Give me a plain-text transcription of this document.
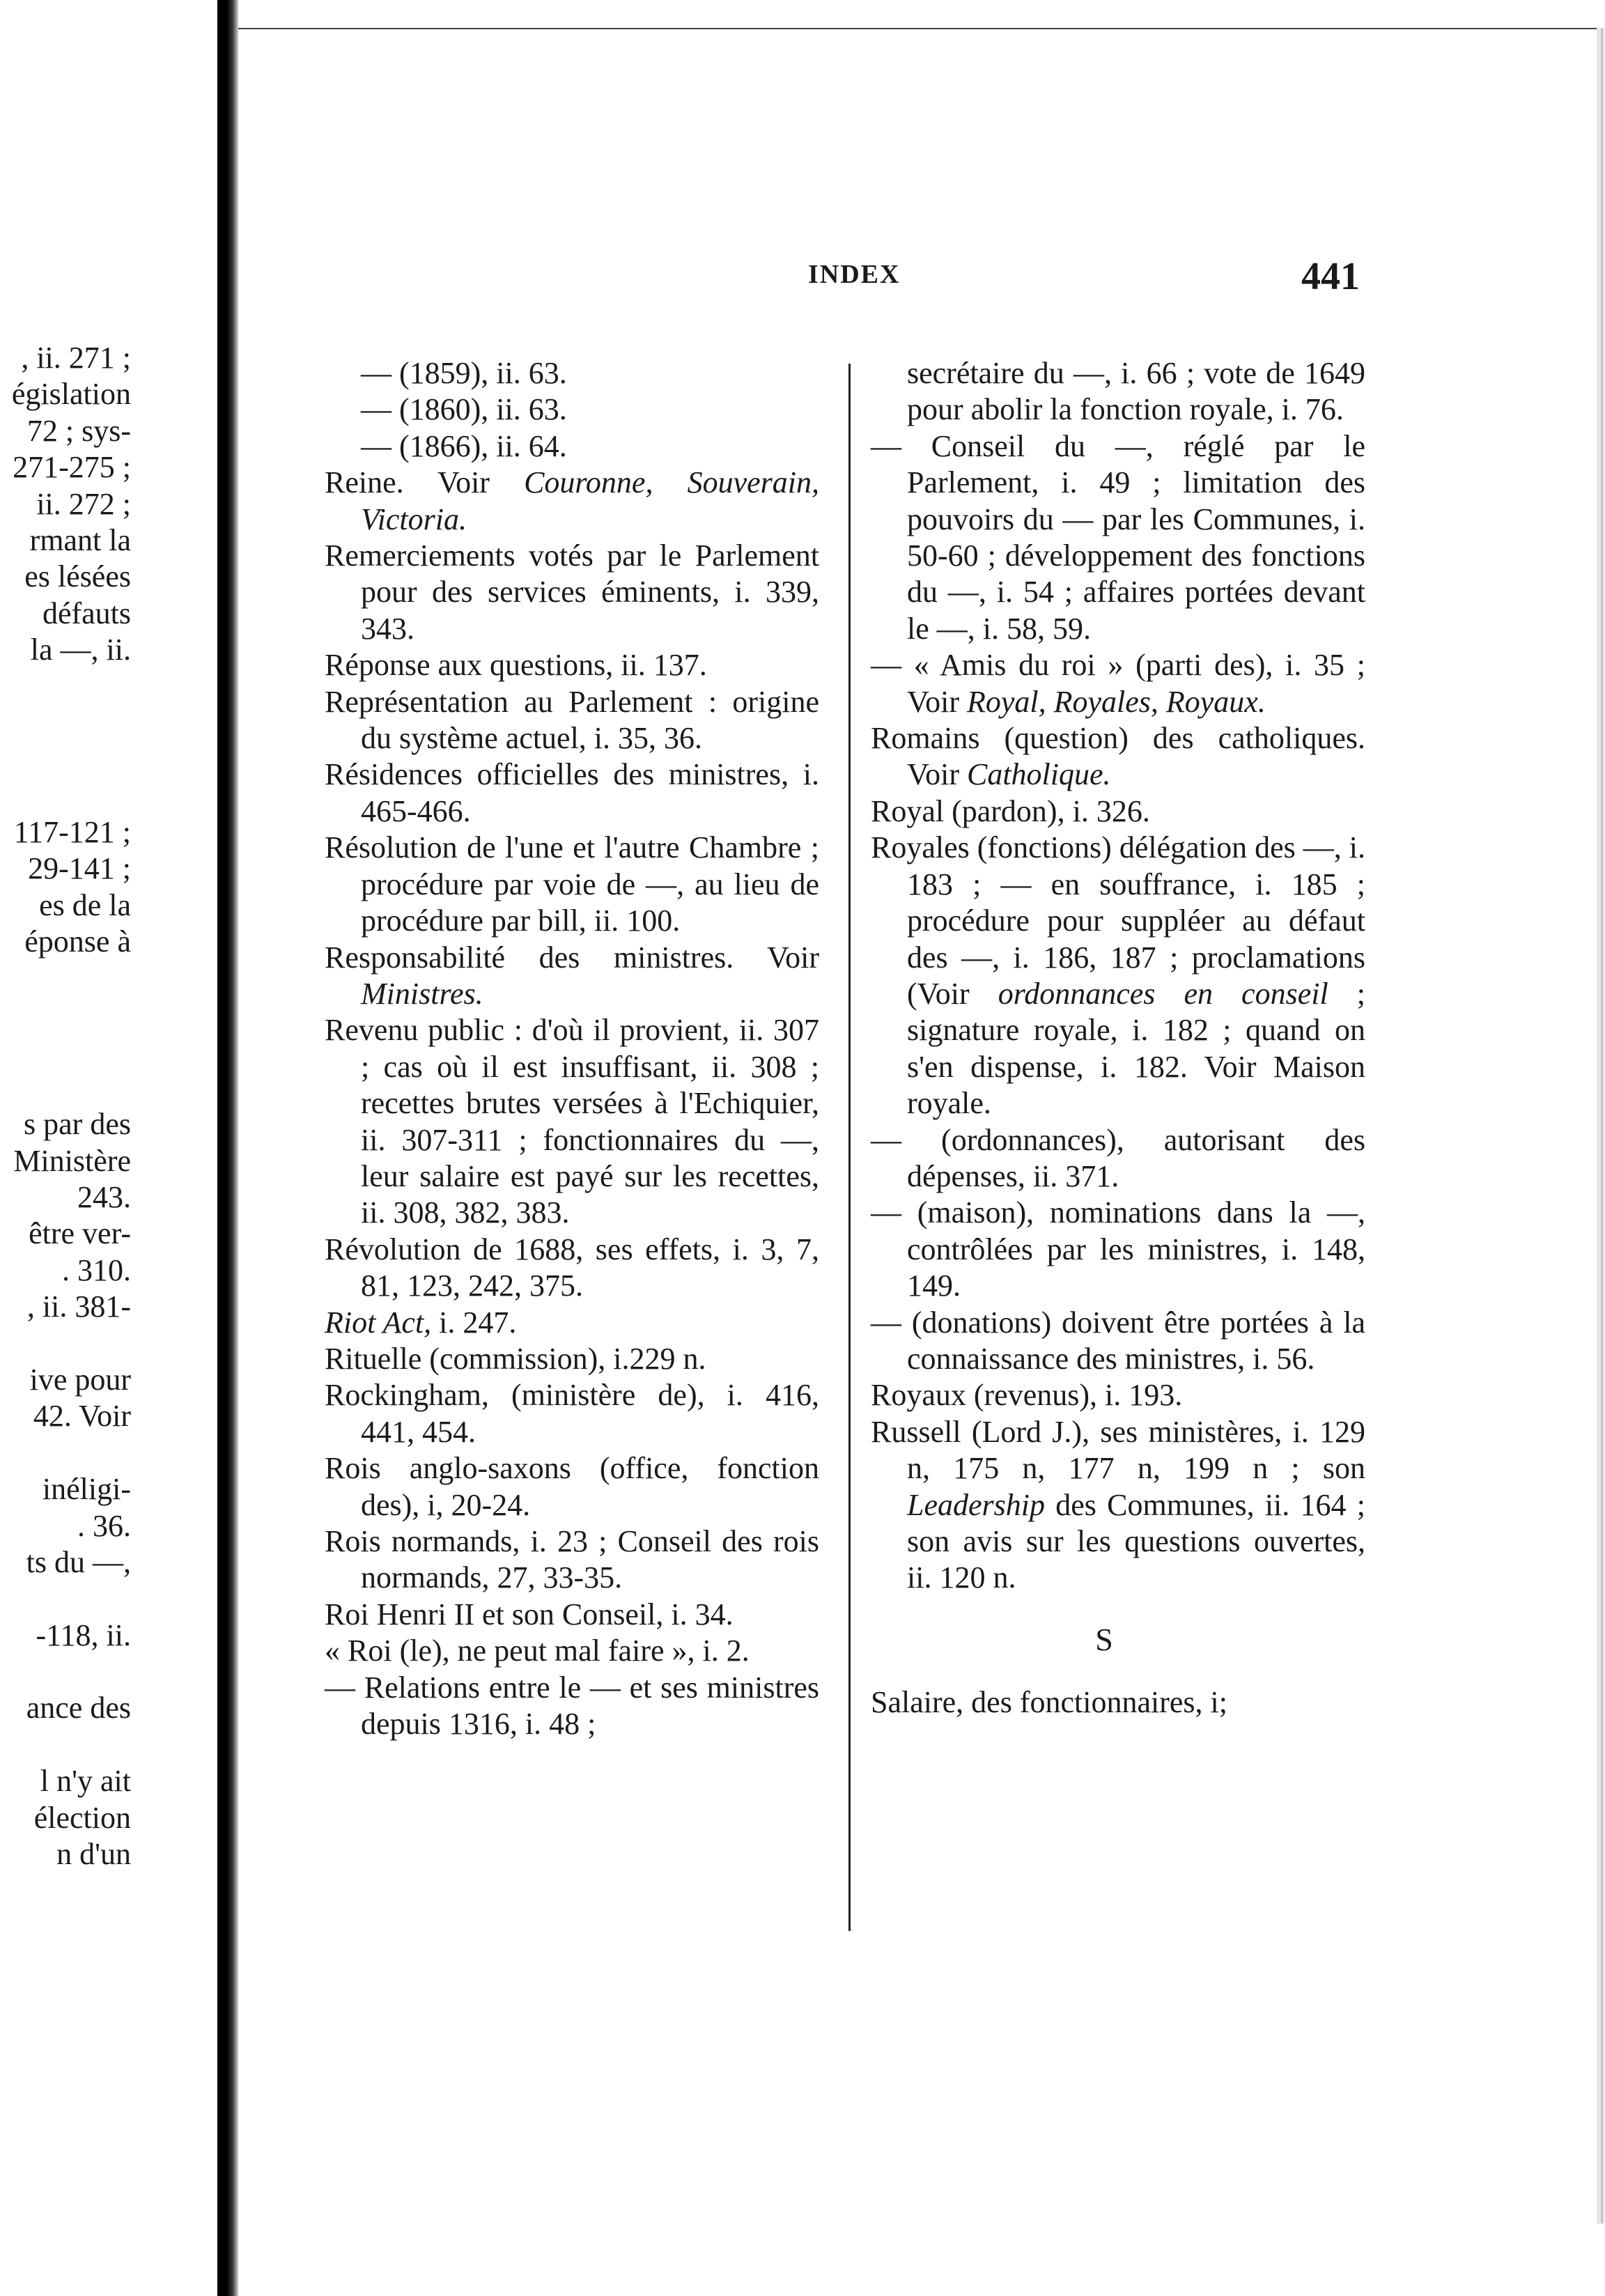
, ii. 271 ;
égislation
72 ; sys-
271-275 ;
ii. 272 ;
rmant la
es lésées
défauts
la —, ii.
117-121 ;
29-141 ;
es de la
éponse à
s par des
Ministère
243.
être ver-
. 310.
, ii. 381-
ive pour
42. Voir
inéligi-
. 36.
ts du —,
-118, ii.
ance des
l n'y ait
élection
n d'un
INDEX	441
— (1859), ii. 63.
— (1860), ii. 63.
— (1866), ii. 64.
Reine. Voir Couronne, Souverain, Victoria.
Remerciements votés par le Parlement pour des services éminents, i. 339, 343.
Réponse aux questions, ii. 137.
Représentation au Parlement : origine du système actuel, i. 35, 36.
Résidences officielles des ministres, i. 465-466.
Résolution de l'une et l'autre Chambre ; procédure par voie de —, au lieu de procédure par bill, ii. 100.
Responsabilité des ministres. Voir Ministres.
Revenu public : d'où il provient, ii. 307 ; cas où il est insuffisant, ii. 308 ; recettes brutes versées à l'Echiquier, ii. 307-311 ; fonctionnaires du —, leur salaire est payé sur les recettes, ii. 308, 382, 383.
Révolution de 1688, ses effets, i. 3, 7, 81, 123, 242, 375.
Riot Act, i. 247.
Rituelle (commission), i.229 n.
Rockingham, (ministère de), i. 416, 441, 454.
Rois anglo-saxons (office, fonction des), i, 20-24.
Rois normands, i. 23 ; Conseil des rois normands, 27, 33-35.
Roi Henri II et son Conseil, i. 34.
« Roi (le), ne peut mal faire », i. 2.
— Relations entre le — et ses ministres depuis 1316, i. 48 ;
secrétaire du —, i. 66 ; vote de 1649 pour abolir la fonction royale, i. 76.
— Conseil du —, réglé par le Parlement, i. 49 ; limitation des pouvoirs du — par les Communes, i. 50-60 ; développement des fonctions du —, i. 54 ; affaires portées devant le —, i. 58, 59.
— « Amis du roi » (parti des), i. 35 ; Voir Royal, Royales, Royaux.
Romains (question) des catholiques. Voir Catholique.
Royal (pardon), i. 326.
Royales (fonctions) délégation des —, i. 183 ; — en souffrance, i. 185 ; procédure pour suppléer au défaut des —, i. 186, 187 ; proclamations (Voir ordonnances en conseil ; signature royale, i. 182 ; quand on s'en dispense, i. 182. Voir Maison royale.
— (ordonnances), autorisant des dépenses, ii. 371.
— (maison), nominations dans la —, contrôlées par les ministres, i. 148, 149.
— (donations) doivent être portées à la connaissance des ministres, i. 56.
Royaux (revenus), i. 193.
Russell (Lord J.), ses ministères, i. 129 n, 175 n, 177 n, 199 n ; son Leadership des Communes, ii. 164 ; son avis sur les questions ouvertes, ii. 120 n.
S
Salaire, des fonctionnaires, i;
